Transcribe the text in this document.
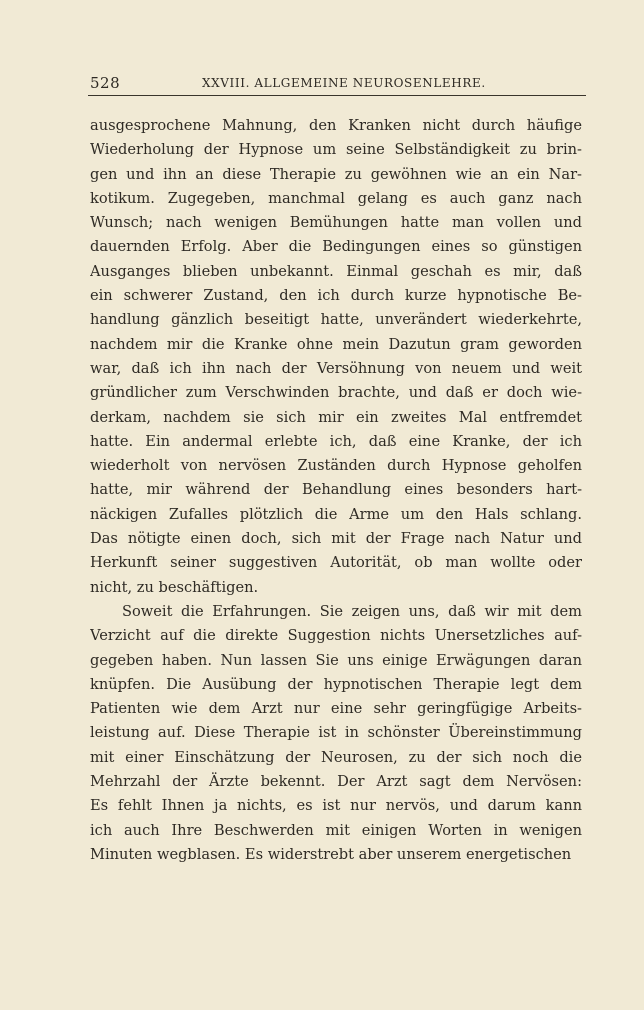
528	XXVIII. ALLGEMEINE NEUROSENLEHRE.
ausgesprochene Mahnung, den Kranken nicht durch häufige
Wiederholung der Hypnose um seine Selbständigkeit zu brin-
gen und ihn an diese Therapie zu gewöhnen wie an ein Nar-
kotikum. Zugegeben, manchmal gelang es auch ganz nach
Wunsch; nach wenigen Bemühungen hatte man vollen und
dauernden Erfolg. Aber die Bedingungen eines so günstigen
Ausganges blieben unbekannt. Einmal geschah es mir, daß
ein schwerer Zustand, den ich durch kurze hypnotische Be-
handlung gänzlich beseitigt hatte, unverändert wiederkehrte,
nachdem mir die Kranke ohne mein Dazutun gram geworden
war, daß ich ihn nach der Versöhnung von neuem und weit
gründlicher zum Verschwinden brachte, und daß er doch wie-
derkam, nachdem sie sich mir ein zweites Mal entfremdet
hatte. Ein andermal erlebte ich, daß eine Kranke, der ich
wiederholt von nervösen Zuständen durch Hypnose geholfen
hatte, mir während der Behandlung eines besonders hart-
näckigen Zufalles plötzlich die Arme um den Hals schlang.
Das nötigte einen doch, sich mit der Frage nach Natur und
Herkunft seiner suggestiven Autorität, ob man wollte oder
nicht, zu beschäftigen.
Soweit die Erfahrungen. Sie zeigen uns, daß wir mit dem
Verzicht auf die direkte Suggestion nichts Unersetzliches auf-
gegeben haben. Nun lassen Sie uns einige Erwägungen daran
knüpfen. Die Ausübung der hypnotischen Therapie legt dem
Patienten wie dem Arzt nur eine sehr geringfügige Arbeits-
leistung auf. Diese Therapie ist in schönster Übereinstimmung
mit einer Einschätzung der Neurosen, zu der sich noch die
Mehrzahl der Ärzte bekennt. Der Arzt sagt dem Nervösen:
Es fehlt Ihnen ja nichts, es ist nur nervös, und darum kann
ich auch Ihre Beschwerden mit einigen Worten in wenigen
Minuten wegblasen. Es widerstrebt aber unserem energetischen
